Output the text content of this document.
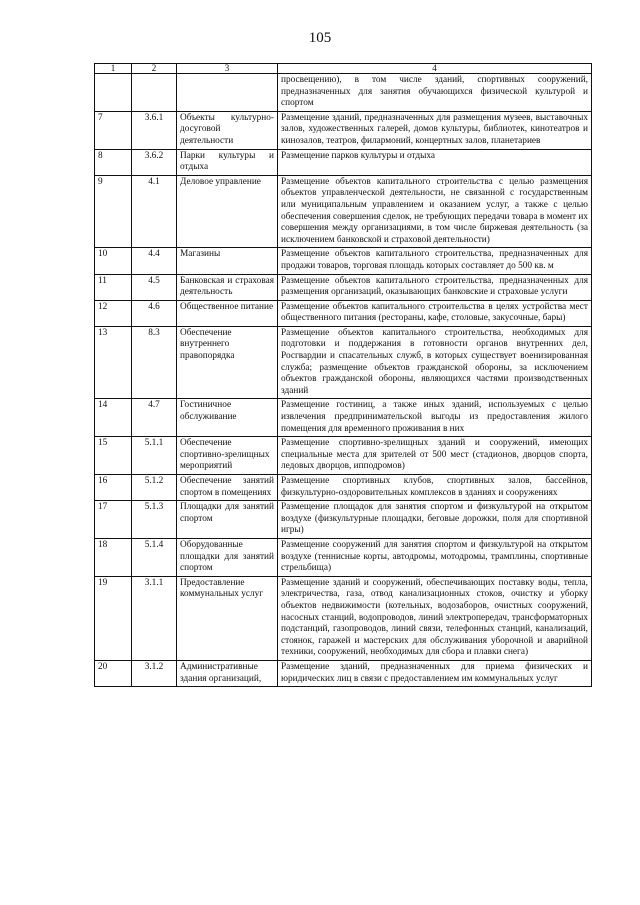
105
1	2	3	4
			просвещению), в том числе зданий, спортивных сооружений, предназначенных для занятия обучающихся физической культурой и спортом
7	3.6.1	Объекты культурно-досуговой деятельности	Размещение зданий, предназначенных для размещения музеев, выставочных залов, художественных галерей, домов культуры, библиотек, кинотеатров и кинозалов, театров, филармоний, концертных залов, планетариев
8	3.6.2	Парки культуры и отдыха	Размещение парков культуры и отдыха
9	4.1	Деловое управление	Размещение объектов капитального строительства с целью размещения объектов управленческой деятельности, не связанной с государственным или муниципальным управлением и оказанием услуг, а также с целью обеспечения совершения сделок, не требующих передачи товара в момент их совершения между организациями, в том числе биржевая деятельность (за исключением банковской и страховой деятельности)
10	4.4	Магазины	Размещение объектов капитального строительства, предназначенных для продажи товаров, торговая площадь которых составляет до 500 кв. м
11	4.5	Банковская и страховая деятельность	Размещение объектов капитального строительства, предназначенных для размещения организаций, оказывающих банковские и страховые услуги
12	4.6	Общественное питание	Размещение объектов капитального строительства в целях устройства мест общественного питания (рестораны, кафе, столовые, закусочные, бары)
13	8.3	Обеспечение внутреннего правопорядка	Размещение объектов капитального строительства, необходимых для подготовки и поддержания в готовности органов внутренних дел, Росгвардии и спасательных служб, в которых существует военизированная служба; размещение объектов гражданской обороны, за исключением объектов гражданской обороны, являющихся частями производственных зданий
14	4.7	Гостиничное обслуживание	Размещение гостиниц, а также иных зданий, используемых с целью извлечения предпринимательской выгоды из предоставления жилого помещения для временного проживания в них
15	5.1.1	Обеспечение спортивно-зрелищных мероприятий	Размещение спортивно-зрелищных зданий и сооружений, имеющих специальные места для зрителей от 500 мест (стадионов, дворцов спорта, ледовых дворцов, ипподромов)
16	5.1.2	Обеспечение занятий спортом в помещениях	Размещение спортивных клубов, спортивных залов, бассейнов, физкультурно-оздоровительных комплексов в зданиях и сооружениях
17	5.1.3	Площадки для занятий спортом	Размещение площадок для занятия спортом и физкультурой на открытом воздухе (физкультурные площадки, беговые дорожки, поля для спортивной игры)
18	5.1.4	Оборудованные площадки для занятий спортом	Размещение сооружений для занятия спортом и физкультурой на открытом воздухе (теннисные корты, автодромы, мотодромы, трамплины, спортивные стрельбища)
19	3.1.1	Предоставление коммунальных услуг	Размещение зданий и сооружений, обеспечивающих поставку воды, тепла, электричества, газа, отвод канализационных стоков, очистку и уборку объектов недвижимости (котельных, водозаборов, очистных сооружений, насосных станций, водопроводов, линий электропередач, трансформаторных подстанций, газопроводов, линий связи, телефонных станций, канализаций, стоянок, гаражей и мастерских для обслуживания уборочной и аварийной техники, сооружений, необходимых для сбора и плавки снега)
20	3.1.2	Административные здания организаций,	Размещение зданий, предназначенных для приема физических и юридических лиц в связи с предоставлением им коммунальных услуг
